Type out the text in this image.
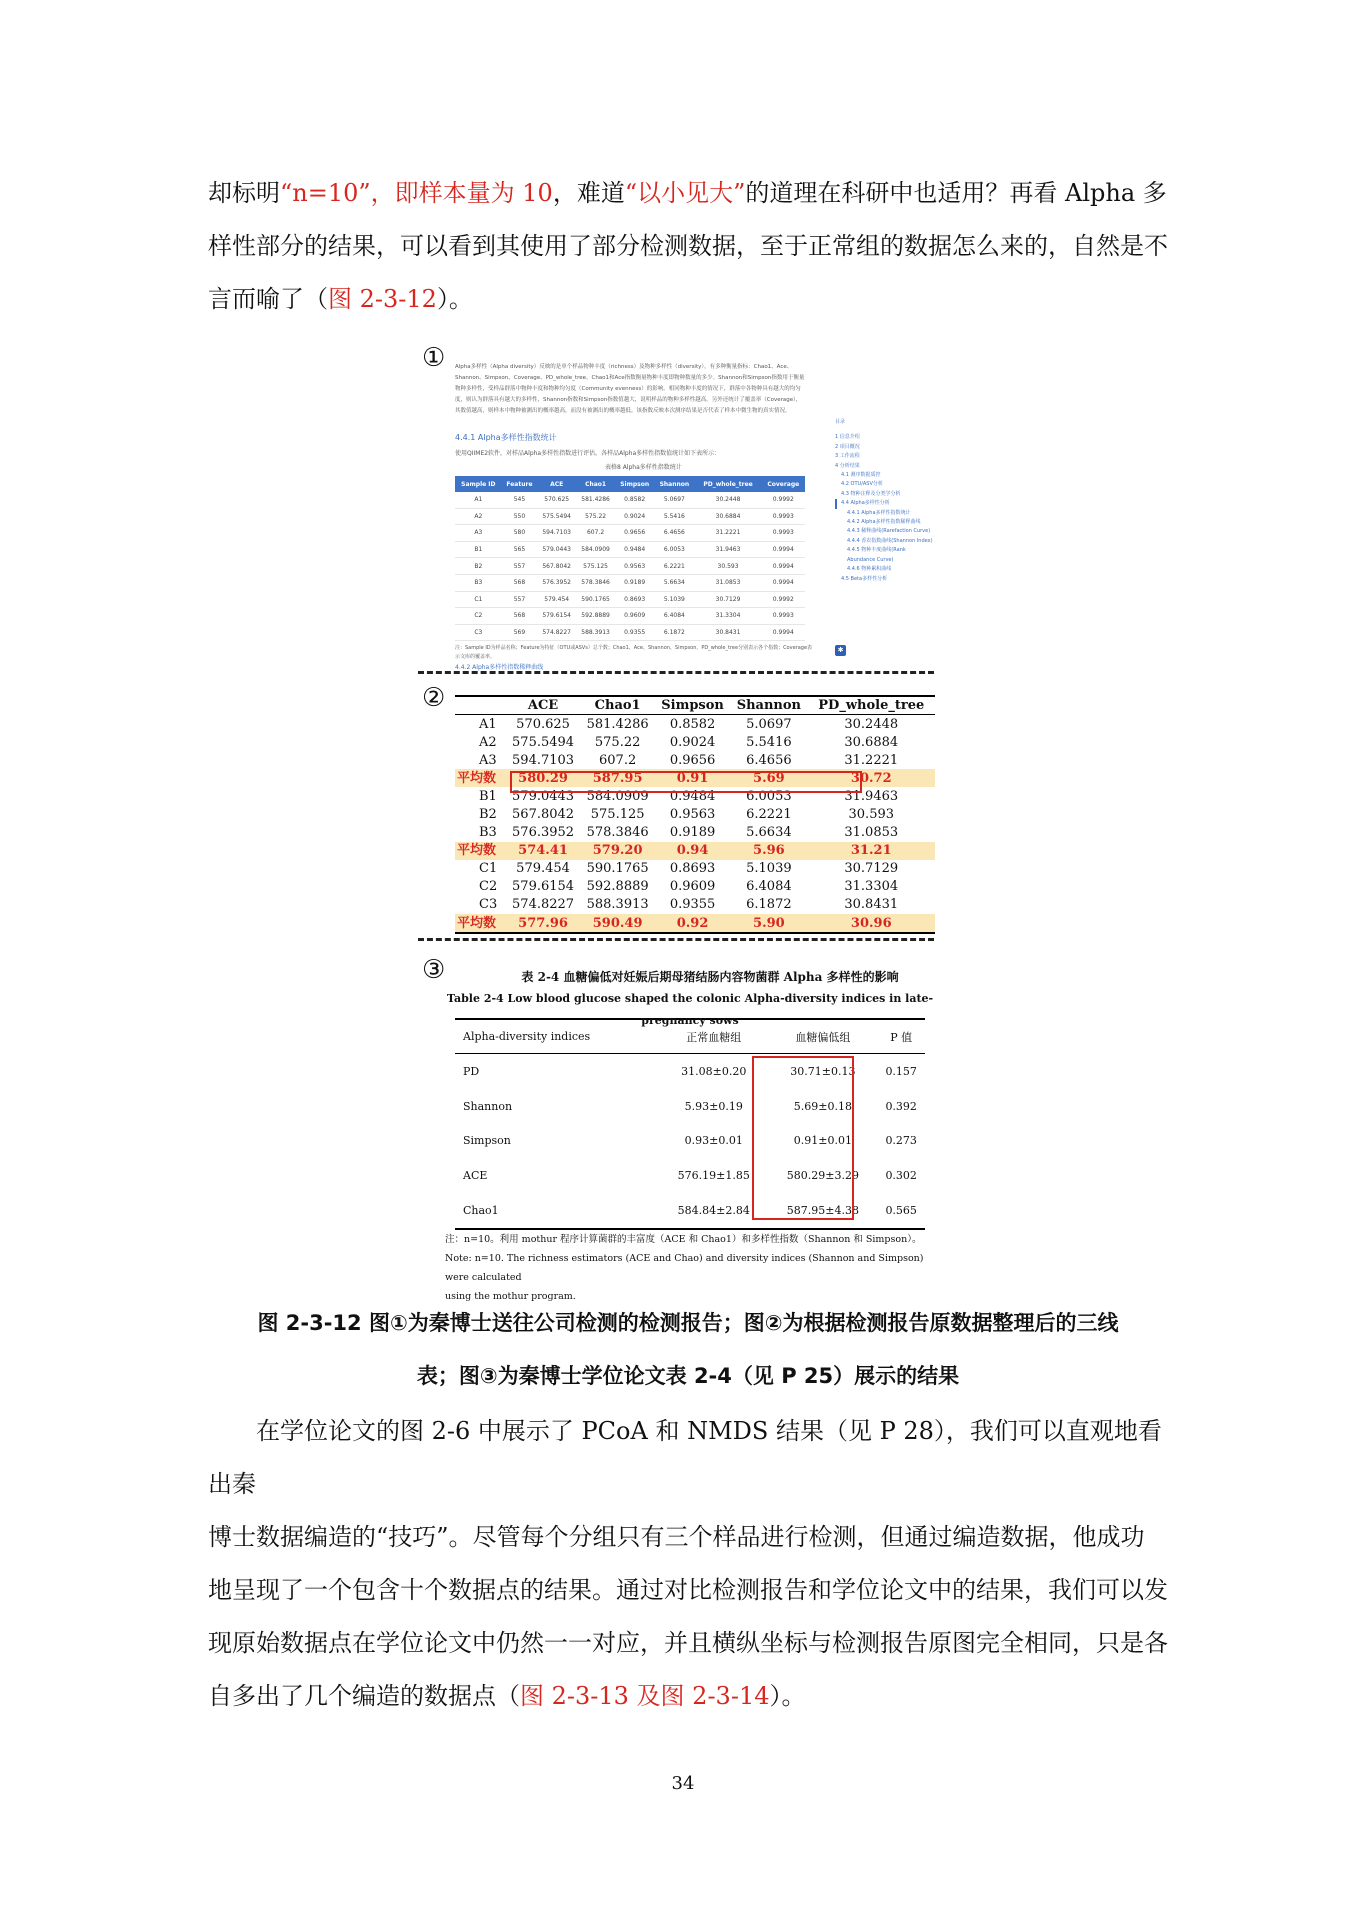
却标明“n=10”，即样本量为 10，难道“以小见大”的道理在科研中也适用？再看 Alpha 多

样性部分的结果，可以看到其使用了部分检测数据，至于正常组的数据怎么来的，自然是不

言而喻了（图 2-3-12）。

①
②
③
Alpha多样性（Alpha diversity）反映的是单个样品物种丰度（richness）及物种多样性（diversity），有多种衡量指标：Chao1、Ace、Shannon、Simpson、Coverage、PD_whole_tree。Chao1和Ace指数衡量物种丰度即物种数量的多少。Shannon和Simpson指数用于衡量物种多样性，受样品群落中物种丰度和物种均匀度（Community evenness）的影响。相同物种丰度的情况下，群落中各物种具有越大的均匀度，则认为群落具有越大的多样性，Shannon指数和Simpson指数值越大，说明样品的物种多样性越高。另外还统计了覆盖率（Coverage），其数值越高，则样本中物种被测出的概率越高，而没有被测出的概率越低。该指数反映本次测序结果是否代表了样本中微生物的真实情况。
4.4.1 Alpha多样性指数统计
使用QIIME2软件，对样品Alpha多样性指数进行评估。各样品Alpha多样性指数值统计如下表所示：
表格8 Alpha多样性指数统计
Sample ID	Feature	ACE	Chao1	Simpson	Shannon	PD_whole_tree	Coverage
A1	545	570.625	581.4286	0.8582	5.0697	30.2448	0.9992
A2	550	575.5494	575.22	0.9024	5.5416	30.6884	0.9993
A3	580	594.7103	607.2	0.9656	6.4656	31.2221	0.9993
B1	565	579.0443	584.0909	0.9484	6.0053	31.9463	0.9994
B2	557	567.8042	575.125	0.9563	6.2221	30.593	0.9994
B3	568	576.3952	578.3846	0.9189	5.6634	31.0853	0.9994
C1	557	579.454	590.1765	0.8693	5.1039	30.7129	0.9992
C2	568	579.6154	592.8889	0.9609	6.4084	31.3304	0.9993
C3	569	574.8227	588.3913	0.9355	6.1872	30.8431	0.9994
注：Sample ID为样品名称；Feature为特征（OTU或ASVs）总个数；Chao1、Ace、Shannon、Simpson、PD_whole_tree分别表示各个指数；Coverage表示文库的覆盖率。
4.4.2 Alpha多样性指数稀释曲线
目录
1 信息介绍
2 项目概况
3 工作流程
4 分析结果
4.1 测序数据质控
4.2 OTU/ASV分析
4.3 物种注释及分类学分析
4.4 Alpha多样性分析
4.4.1 Alpha多样性指数统计
4.4.2 Alpha多样性指数稀释曲线
4.4.3 稀释曲线(Rarefaction Curve)
4.4.4 香农指数曲线(Shannon Index)
4.4.5 物种丰度曲线(Rank Abundance Curve)
4.4.6 物种累积曲线
4.5 Beta多样性分析
✱
	ACE	Chao1	Simpson	Shannon	PD_whole_tree
A1	570.625	581.4286	0.8582	5.0697	30.2448
A2	575.5494	575.22	0.9024	5.5416	30.6884
A3	594.7103	607.2	0.9656	6.4656	31.2221
平均数	580.29	587.95	0.91	5.69	30.72
B1	579.0443	584.0909	0.9484	6.0053	31.9463
B2	567.8042	575.125	0.9563	6.2221	30.593
B3	576.3952	578.3846	0.9189	5.6634	31.0853
平均数	574.41	579.20	0.94	5.96	31.21
C1	579.454	590.1765	0.8693	5.1039	30.7129
C2	579.6154	592.8889	0.9609	6.4084	31.3304
C3	574.8227	588.3913	0.9355	6.1872	30.8431
平均数	577.96	590.49	0.92	5.90	30.96
表 2-4 血糖偏低对妊娠后期母猪结肠内容物菌群 Alpha 多样性的影响
Table 2-4 Low blood glucose shaped the colonic Alpha-diversity indices in late-pregnancy sows
Alpha-diversity indices	正常血糖组	血糖偏低组	P 值
PD	31.08±0.20	30.71±0.13	0.157
Shannon	5.93±0.19	5.69±0.18	0.392
Simpson	0.93±0.01	0.91±0.01	0.273
ACE	576.19±1.85	580.29±3.29	0.302
Chao1	584.84±2.84	587.95±4.38	0.565
注：n=10。利用 mothur 程序计算菌群的丰富度（ACE 和 Chao1）和多样性指数（Shannon 和 Simpson）。
Note: n=10. The richness estimators (ACE and Chao) and diversity indices (Shannon and Simpson) were calculated
using the mothur program.
图 2-3-12 图①为秦博士送往公司检测的检测报告；图②为根据检测报告原数据整理后的三线
表；图③为秦博士学位论文表 2-4（见 P 25）展示的结果

在学位论文的图 2-6 中展示了 PCoA 和 NMDS 结果（见 P 28），我们可以直观地看出秦

博士数据编造的“技巧”。尽管每个分组只有三个样品进行检测，但通过编造数据，他成功

地呈现了一个包含十个数据点的结果。通过对比检测报告和学位论文中的结果，我们可以发

现原始数据点在学位论文中仍然一一对应，并且横纵坐标与检测报告原图完全相同，只是各

自多出了几个编造的数据点（图 2-3-13 及图 2-3-14）。

34
